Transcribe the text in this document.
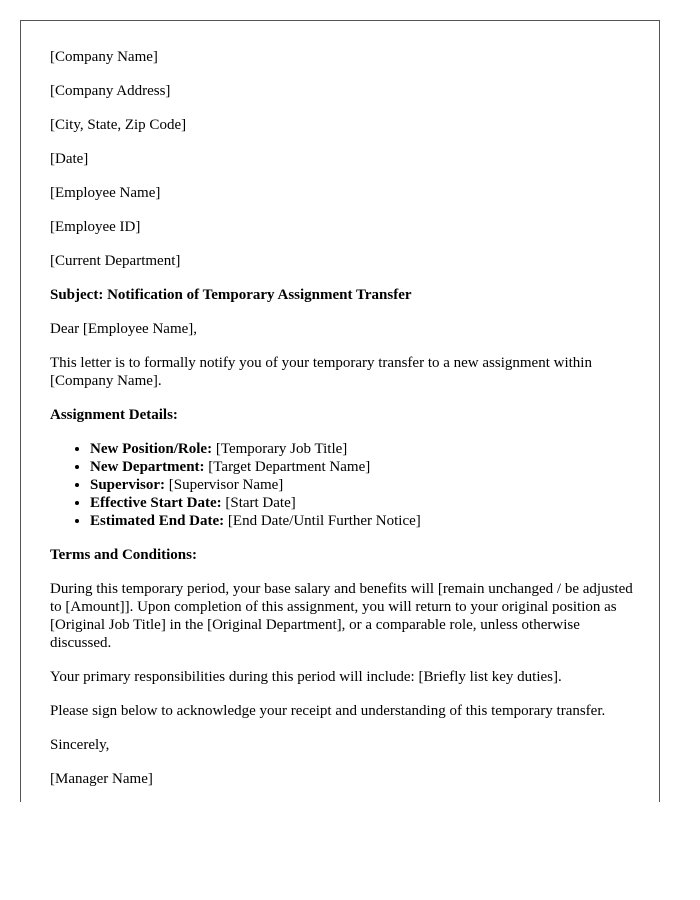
[Company Name]

[Company Address]

[City, State, Zip Code]

[Date]

[Employee Name]

[Employee ID]

[Current Department]

Subject: Notification of Temporary Assignment Transfer

Dear [Employee Name],

This letter is to formally notify you of your temporary transfer to a new assignment within [Company Name].

Assignment Details:

• New Position/Role: [Temporary Job Title]
• New Department: [Target Department Name]
• Supervisor: [Supervisor Name]
• Effective Start Date: [Start Date]
• Estimated End Date: [End Date/Until Further Notice]

Terms and Conditions:

During this temporary period, your base salary and benefits will [remain unchanged / be adjusted to [Amount]]. Upon completion of this assignment, you will return to your original position as [Original Job Title] in the [Original Department], or a comparable role, unless otherwise discussed.

Your primary responsibilities during this period will include: [Briefly list key duties].

Please sign below to acknowledge your receipt and understanding of this temporary transfer.

Sincerely,

[Manager Name]
